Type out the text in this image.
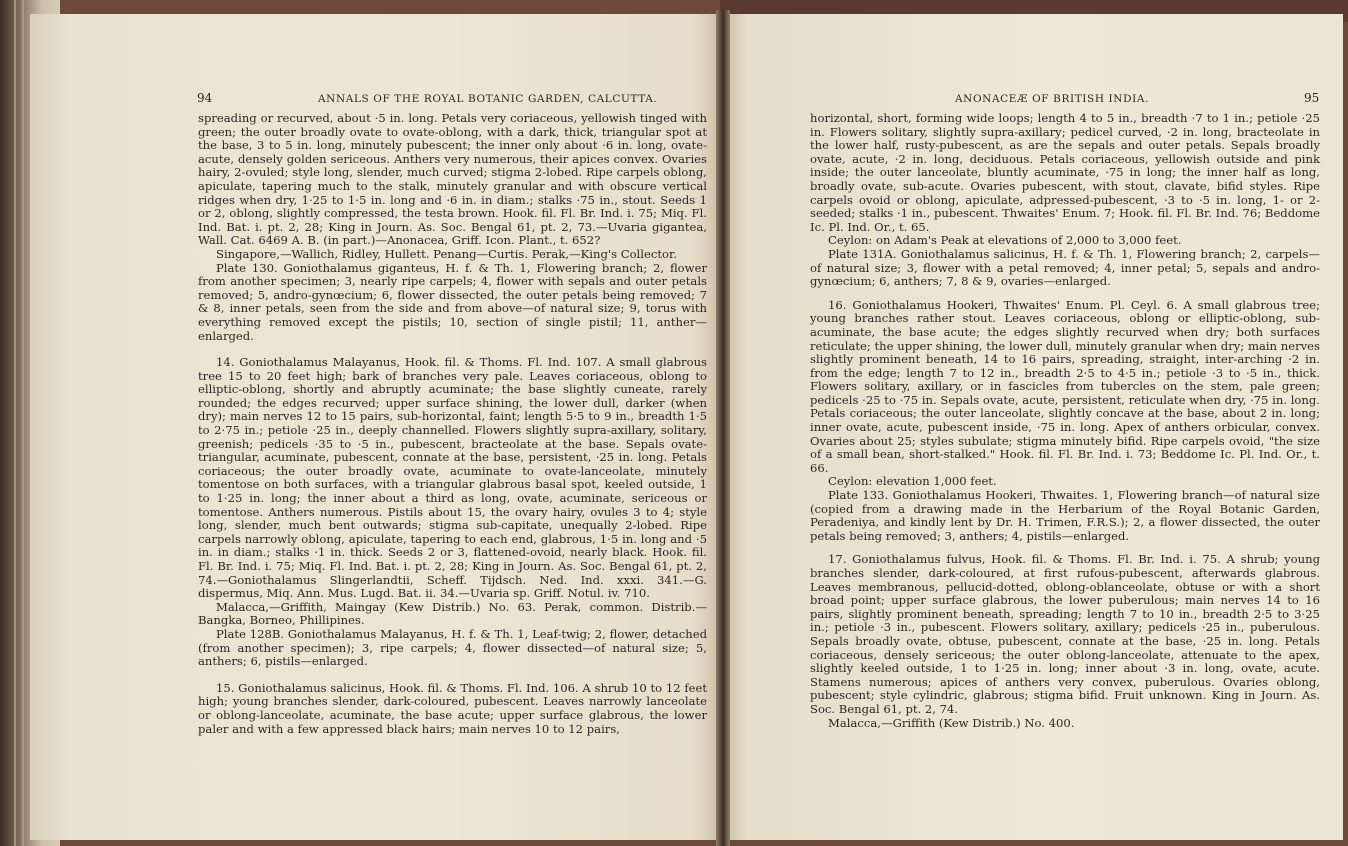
94	ANNALS OF THE ROYAL BOTANIC GARDEN, CALCUTTA.	95
ANONACEÆ OF BRITISH INDIA.

spreading or recurved, about ·5 in. long. Petals very coriaceous, yellowish tinged with green; the outer broadly ovate to ovate-oblong, with a dark, thick, triangular spot at the base, 3 to 5 in. long, minutely pubescent; the inner only about ·6 in. long, ovate-acute, densely golden sericeous. Anthers very numerous, their apices convex. Ovaries hairy, 2-ovuled; style long, slender, much curved; stigma 2-lobed. Ripe carpels oblong, apiculate, tapering much to the stalk, minutely granular and with obscure vertical ridges when dry, 1·25 to 1·5 in. long and ·6 in. in diam.; stalks ·75 in., stout. Seeds 1 or 2, oblong, slightly compressed, the testa brown. Hook. fil. Fl. Br. Ind. i. 75; Miq. Fl. Ind. Bat. i. pt. 2, 28; King in Journ. As. Soc. Bengal 61, pt. 2, 73.—Uvaria gigantea, Wall. Cat. 6469 A. B. (in part.)—Anonacea, Griff. Icon. Plant., t. 652?

Singapore,—Wallich, Ridley, Hullett. Penang—Curtis. Perak,—King's Collector.

Plate 130. Goniothalamus giganteus, H. f. & Th. 1, Flowering branch; 2, flower from another specimen; 3, nearly ripe carpels; 4, flower with sepals and outer petals removed; 5, andro-gynœcium; 6, flower dissected, the outer petals being removed; 7 & 8, inner petals, seen from the side and from above—of natural size; 9, torus with everything removed except the pistils; 10, section of single pistil; 11, anther—enlarged.

14. Goniothalamus Malayanus, Hook. fil. & Thoms. Fl. Ind. 107. A small glabrous tree 15 to 20 feet high; bark of branches very pale. Leaves coriaceous, oblong to elliptic-oblong, shortly and abruptly acuminate; the base slightly cuneate, rarely rounded; the edges recurved; upper surface shining, the lower dull, darker (when dry); main nerves 12 to 15 pairs, sub-horizontal, faint; length 5·5 to 9 in., breadth 1·5 to 2·75 in.; petiole ·25 in., deeply channelled. Flowers slightly supra-axillary, solitary, greenish; pedicels ·35 to ·5 in., pubescent, bracteolate at the base. Sepals ovate-triangular, acuminate, pubescent, connate at the base, persistent, ·25 in. long. Petals coriaceous; the outer broadly ovate, acuminate to ovate-lanceolate, minutely tomentose on both surfaces, with a triangular glabrous basal spot, keeled outside, 1 to 1·25 in. long; the inner about a third as long, ovate, acuminate, sericeous or tomentose. Anthers numerous. Pistils about 15, the ovary hairy, ovules 3 to 4; style long, slender, much bent outwards; stigma sub-capitate, unequally 2-lobed. Ripe carpels narrowly oblong, apiculate, tapering to each end, glabrous, 1·5 in. long and ·5 in. in diam.; stalks ·1 in. thick. Seeds 2 or 3, flattened-ovoid, nearly black. Hook. fil. Fl. Br. Ind. i. 75; Miq. Fl. Ind. Bat. i. pt. 2, 28; King in Journ. As. Soc. Bengal 61, pt. 2, 74.—Goniothalamus Slingerlandtii, Scheff. Tijdsch. Ned. Ind. xxxi. 341.—G. dispermus, Miq. Ann. Mus. Lugd. Bat. ii. 34.—Uvaria sp. Griff. Notul. iv. 710.

Malacca,—Griffith, Maingay (Kew Distrib.) No. 63. Perak, common. Distrib.—Bangka, Borneo, Phillipines.

Plate 128B. Goniothalamus Malayanus, H. f. & Th. 1, Leaf-twig; 2, flower, detached (from another specimen); 3, ripe carpels; 4, flower dissected—of natural size; 5, anthers; 6, pistils—enlarged.

15. Goniothalamus salicinus, Hook. fil. & Thoms. Fl. Ind. 106. A shrub 10 to 12 feet high; young branches slender, dark-coloured, pubescent. Leaves narrowly lanceolate or oblong-lanceolate, acuminate, the base acute; upper surface glabrous, the lower paler and with a few appressed black hairs; main nerves 10 to 12 pairs,

horizontal, short, forming wide loops; length 4 to 5 in., breadth ·7 to 1 in.; petiole ·25 in. Flowers solitary, slightly supra-axillary; pedicel curved, ·2 in. long, bracteolate in the lower half, rusty-pubescent, as are the sepals and outer petals. Sepals broadly ovate, acute, ·2 in. long, deciduous. Petals coriaceous, yellowish outside and pink inside; the outer lanceolate, bluntly acuminate, ·75 in long; the inner half as long, broadly ovate, sub-acute. Ovaries pubescent, with stout, clavate, bifid styles. Ripe carpels ovoid or oblong, apiculate, adpressed-pubescent, ·3 to ·5 in. long, 1- or 2-seeded; stalks ·1 in., pubescent. Thwaites' Enum. 7; Hook. fil. Fl. Br. Ind. 76; Beddome Ic. Pl. Ind. Or., t. 65.

Ceylon: on Adam's Peak at elevations of 2,000 to 3,000 feet.

Plate 131A. Goniothalamus salicinus, H. f. & Th. 1, Flowering branch; 2, carpels—of natural size; 3, flower with a petal removed; 4, inner petal; 5, sepals and andro-gynœcium; 6, anthers; 7, 8 & 9, ovaries—enlarged.

16. Goniothalamus Hookeri, Thwaites' Enum. Pl. Ceyl. 6. A small glabrous tree; young branches rather stout. Leaves coriaceous, oblong or elliptic-oblong, sub-acuminate, the base acute; the edges slightly recurved when dry; both surfaces reticulate; the upper shining, the lower dull, minutely granular when dry; main nerves slightly prominent beneath, 14 to 16 pairs, spreading, straight, inter-arching ·2 in. from the edge; length 7 to 12 in., breadth 2·5 to 4·5 in.; petiole ·3 to ·5 in., thick. Flowers solitary, axillary, or in fascicles from tubercles on the stem, pale green; pedicels ·25 to ·75 in. Sepals ovate, acute, persistent, reticulate when dry, ·75 in. long. Petals coriaceous; the outer lanceolate, slightly concave at the base, about 2 in. long; inner ovate, acute, pubescent inside, ·75 in. long. Apex of anthers orbicular, convex. Ovaries about 25; styles subulate; stigma minutely bifid. Ripe carpels ovoid, "the size of a small bean, short-stalked." Hook. fil. Fl. Br. Ind. i. 73; Beddome Ic. Pl. Ind. Or., t. 66.

Ceylon: elevation 1,000 feet.

Plate 133. Goniothalamus Hookeri, Thwaites. 1, Flowering branch—of natural size (copied from a drawing made in the Herbarium of the Royal Botanic Garden, Peradeniya, and kindly lent by Dr. H. Trimen, F.R.S.); 2, a flower dissected, the outer petals being removed; 3, anthers; 4, pistils—enlarged.

17. Goniothalamus fulvus, Hook. fil. & Thoms. Fl. Br. Ind. i. 75. A shrub; young branches slender, dark-coloured, at first rufous-pubescent, afterwards glabrous. Leaves membranous, pellucid-dotted, oblong-oblanceolate, obtuse or with a short broad point; upper surface glabrous, the lower puberulous; main nerves 14 to 16 pairs, slightly prominent beneath, spreading; length 7 to 10 in., breadth 2·5 to 3·25 in.; petiole ·3 in., pubescent. Flowers solitary, axillary; pedicels ·25 in., puberulous. Sepals broadly ovate, obtuse, pubescent, connate at the base, ·25 in. long. Petals coriaceous, densely sericeous; the outer oblong-lanceolate, attenuate to the apex, slightly keeled outside, 1 to 1·25 in. long; inner about ·3 in. long, ovate, acute. Stamens numerous; apices of anthers very convex, puberulous. Ovaries oblong, pubescent; style cylindric, glabrous; stigma bifid. Fruit unknown. King in Journ. As. Soc. Bengal 61, pt. 2, 74.

Malacca,—Griffith (Kew Distrib.) No. 400.
